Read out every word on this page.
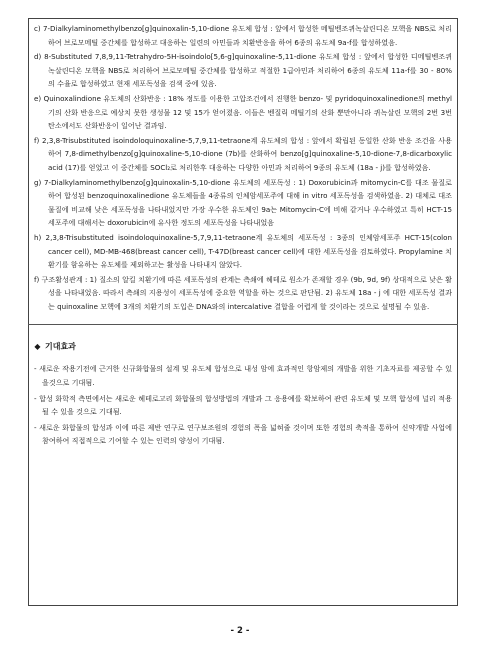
c) 7-Dialkylaminomethylbenzo[g]quinoxalin-5,10-dione 유도체 합성 : 앞에서 합성한 메틸벤조퀴녹살린디온 모핵을 NBS로 처리하여 브로모메틸 중간체를 합성하고 대응하는 일련의 아민들과 치환반응을 하여 6종의 유도체 9a-f를 합성하였음.

d) 8-Substituted 7,8,9,11-Tetrahydro-5H-isoindolo[5,6-g]quinoxaline-5,11-dione 유도체 합성 : 앞에서 합성한 디메틸벤조퀴녹살린디온 모핵을 NBS로 처리하여 브로모메틸 중간체를 합성하고 적절한 1급아민과 처리하여 6종의 유도체 11a-f를 30 - 80% 의 수율로 합성하였고 현재 세포독성을 검색 중에 있음.

e) Quinoxalindione 유도체의 산화반응 : 18% 정도를 이용한 고압조건에서 진행한 benzo- 및 pyridoquinoxalinedione의 methyl기의 산화 반응으로 예상치 못한 생성물 12 및 15가 얻어졌음. 이들은 벤질릭 메틸기의 산화 뿐만아니라 퀴녹살린 모핵의 2번 3번 탄소에서도 산화반응이 일어난 결과임.

f) 2,3,8-Trisubstituted isoindoloquinoxaline-5,7,9,11-tetraone계 유도체의 합성 : 앞에서 확립된 동일한 산화 반응 조건을 사용하여 7,8-dimethylbenzo[g]quinoxaline-5,10-dione (7b)를 산화하여 benzo[g]quinoxaline-5,10-dione-7,8-dicarboxylic acid (17)를 얻었고 이 중간체를 SOCl₂로 처리한후 대응하는 다양한 아민과 처리하여 9종의 유도체 (18a - j)를 합성하였음.

g) 7-Dialkylaminomethylbenzo[g]quinoxalin-5,10-dione 유도체의 세포독성 : 1) Doxorubicin과 mitomycin-C를 대조 물질로 하여 합성된 benzoquinoxalinedione 유도체들을 4종류의 인체암세포주에 대해 in vitro 세포독성을 검색하였음. 2) 대체로 대조물질에 비교해 낮은 세포독성을 나타내었지만 가장 우수한 유도체인 9a는 Mitomycin-C에 비해 같거나 우수하였고 특히 HCT-15세포주에 대해서는 doxorubicin에 유사한 정도의 세포독성을 나타내었음

h) 2,3,8-Trisubstituted isoindoloquinoxaline-5,7,9,11-tetraone계 유도체의 세포독성 : 3종의 인체암세포주 HCT-15(colon cancer cell), MD-MB-468(breast cancer cell), T-47D(breast cancer cell)에 대한 세포독성을 검토하였다. Propylamine 치환기를 함유하는 유도체를 제외하고는 활성을 나타내지 않았다.

f) 구조활성관계 : 1) 질소의 알킬 치환기에 따른 세포독성의 관계는 측쇄에 헤테로 원소가 존재할 경우 (9b, 9d, 9f) 상대적으로 낮은 활성을 나타내었음. 따라서 측쇄의 지용성이 세포독성에 중요한 역할을 하는 것으로 판단됨. 2) 유도체 18a - j 에 대한 세포독성 결과는 quinoxaline 모핵에 3개의 치환기의 도입은 DNA와의 intercalative 결합을 어렵게 할 것이라는 것으로 설명될 수 있음.

◆ 기대효과

- 새로운 작용기전에 근거한 신규화합물의 설계 및 유도체 합성으로 내성 암에 효과적인 항암제의 개발을 위한 기초자료를 제공할 수 있을것으로 기대됨.

- 합성 화학적 측면에서는 새로운 헤테로고리 화합물의 합성방법의 개발과 그 응용예를 확보하여 관련 유도체 및 모핵 합성에 널리 적용될 수 있을 것으로 기대됨.

- 새로운 화합물의 합성과 이에 따른 제반 연구로 연구보조원의 경험의 폭을 넓혀줄 것이며 또한 경험의 축적을 통하여 신약개발 사업에 참여하여 직접적으로 기여할 수 있는 인력의 양성이 기대됨.

- 2 -
